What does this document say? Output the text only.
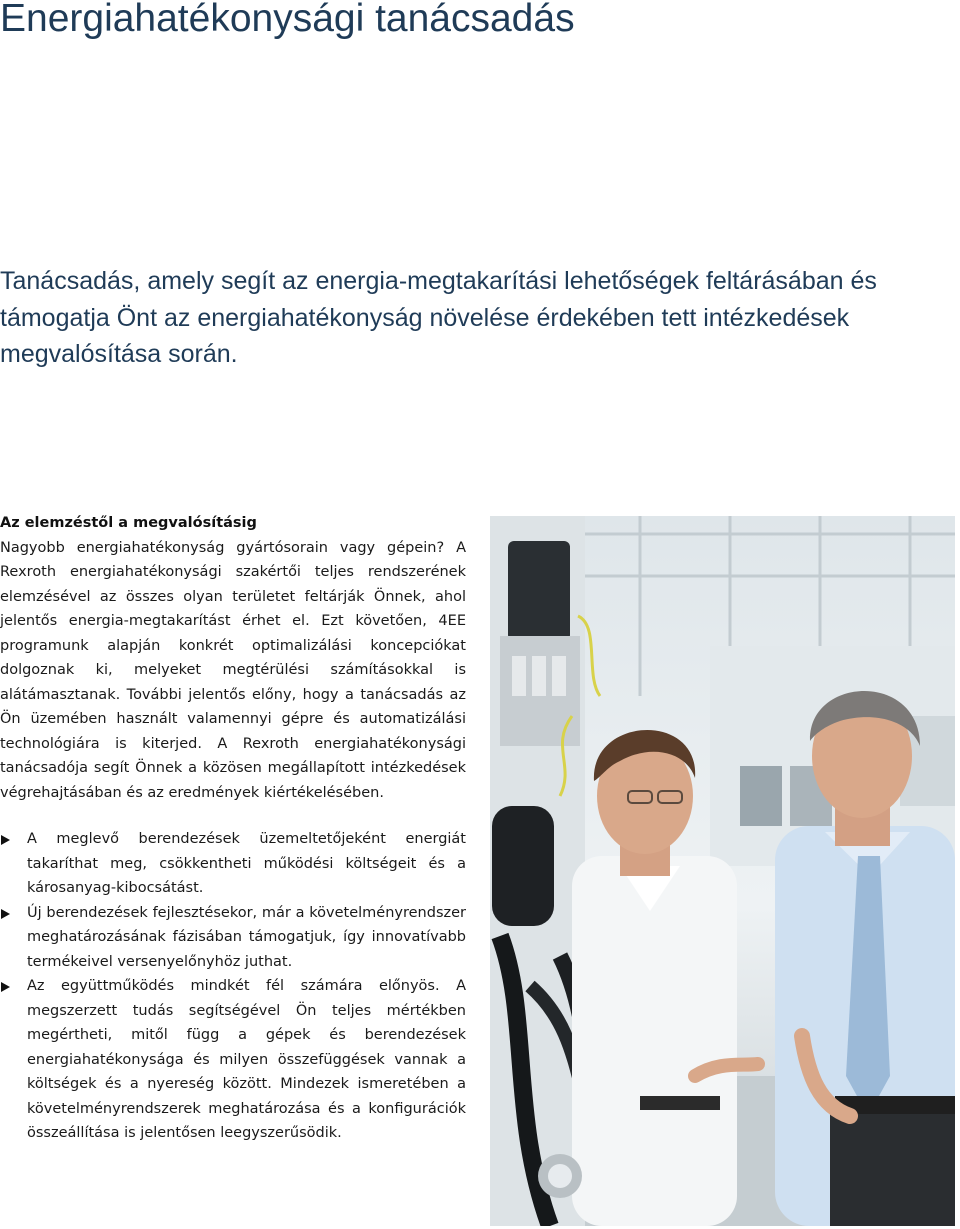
Energiahatékonysági tanácsadás

Tanácsadás, amely segít az energia-megtakarítási lehetőségek feltárásában és támogatja Önt az energiahatékonyság növelése érdekében tett intézkedések megvalósítása során.

Az elemzéstől a megvalósításig

Nagyobb energiahatékonyság gyártósorain vagy gépein? A Rexroth energiahatékonysági szakértői teljes rendszerének elemzésével az összes olyan területet feltárják Önnek, ahol jelentős energia-megtakarítást érhet el. Ezt követően, 4EE programunk alapján konkrét optimalizálási koncepciókat dolgoznak ki, melyeket megtérülési számításokkal is alátámasztanak. További jelentős előny, hogy a tanácsadás az Ön üzemében használt valamennyi gépre és automatizálási technológiára is kiterjed. A Rexroth energiahatékonysági tanácsadója segít Önnek a közösen megállapított intézkedések végrehajtásában és az eredmények kiértékelésében.

A meglevő berendezések üzemeltetőjeként energiát takaríthat meg, csökkentheti működési költségeit és a károsanyag-kibocsátást.
Új berendezések fejlesztésekor, már a követelményrendszer meghatározásának fázisában támogatjuk, így innovatívabb termékeivel versenyelőnyhöz juthat.
Az együttműködés mindkét fél számára előnyös. A megszerzett tudás segítségével Ön teljes mértékben megértheti, mitől függ a gépek és berendezések energiahatékonysága és milyen összefüggések vannak a költségek és a nyereség között. Mindezek ismeretében a követelményrendszerek meghatározása és a konfigurációk összeállítása is jelentősen leegyszerűsödik.
